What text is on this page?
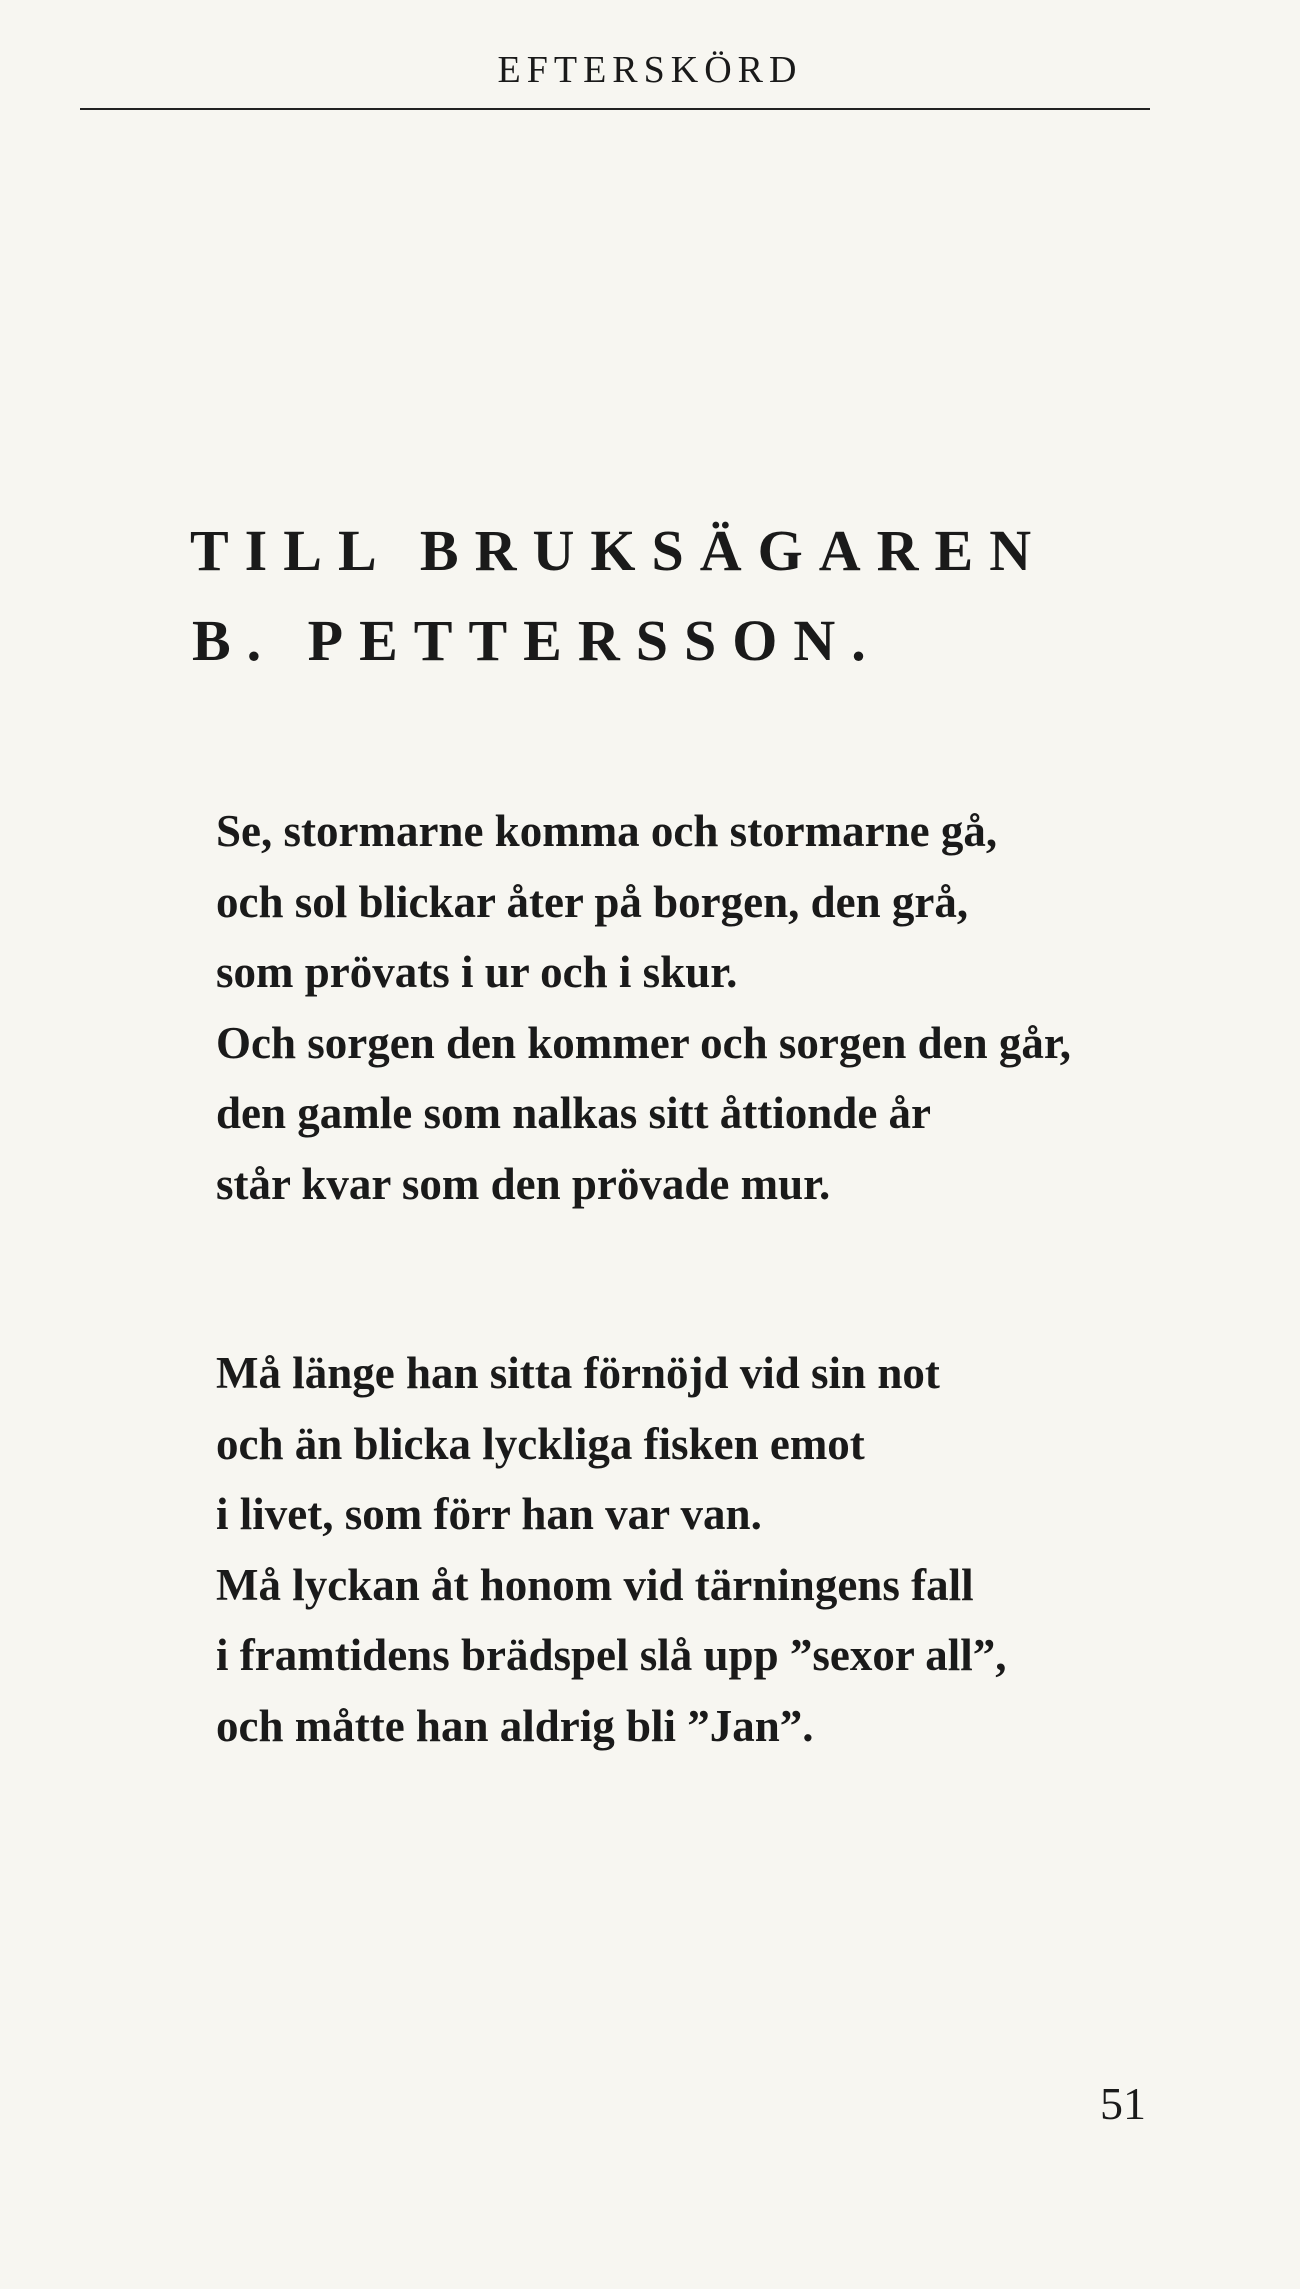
EFTERSKÖRD
TILL BRUKSÄGAREN
B. PETTERSSON.
Se, stormarne komma och stormarne gå,
och sol blickar åter på borgen, den grå,
som prövats i ur och i skur.
Och sorgen den kommer och sorgen den går,
den gamle som nalkas sitt åttionde år
står kvar som den prövade mur.
Må länge han sitta förnöjd vid sin not
och än blicka lyckliga fisken emot
i livet, som förr han var van.
Må lyckan åt honom vid tärningens fall
i framtidens brädspel slå upp ”sexor all”,
och måtte han aldrig bli ”Jan”.
51
